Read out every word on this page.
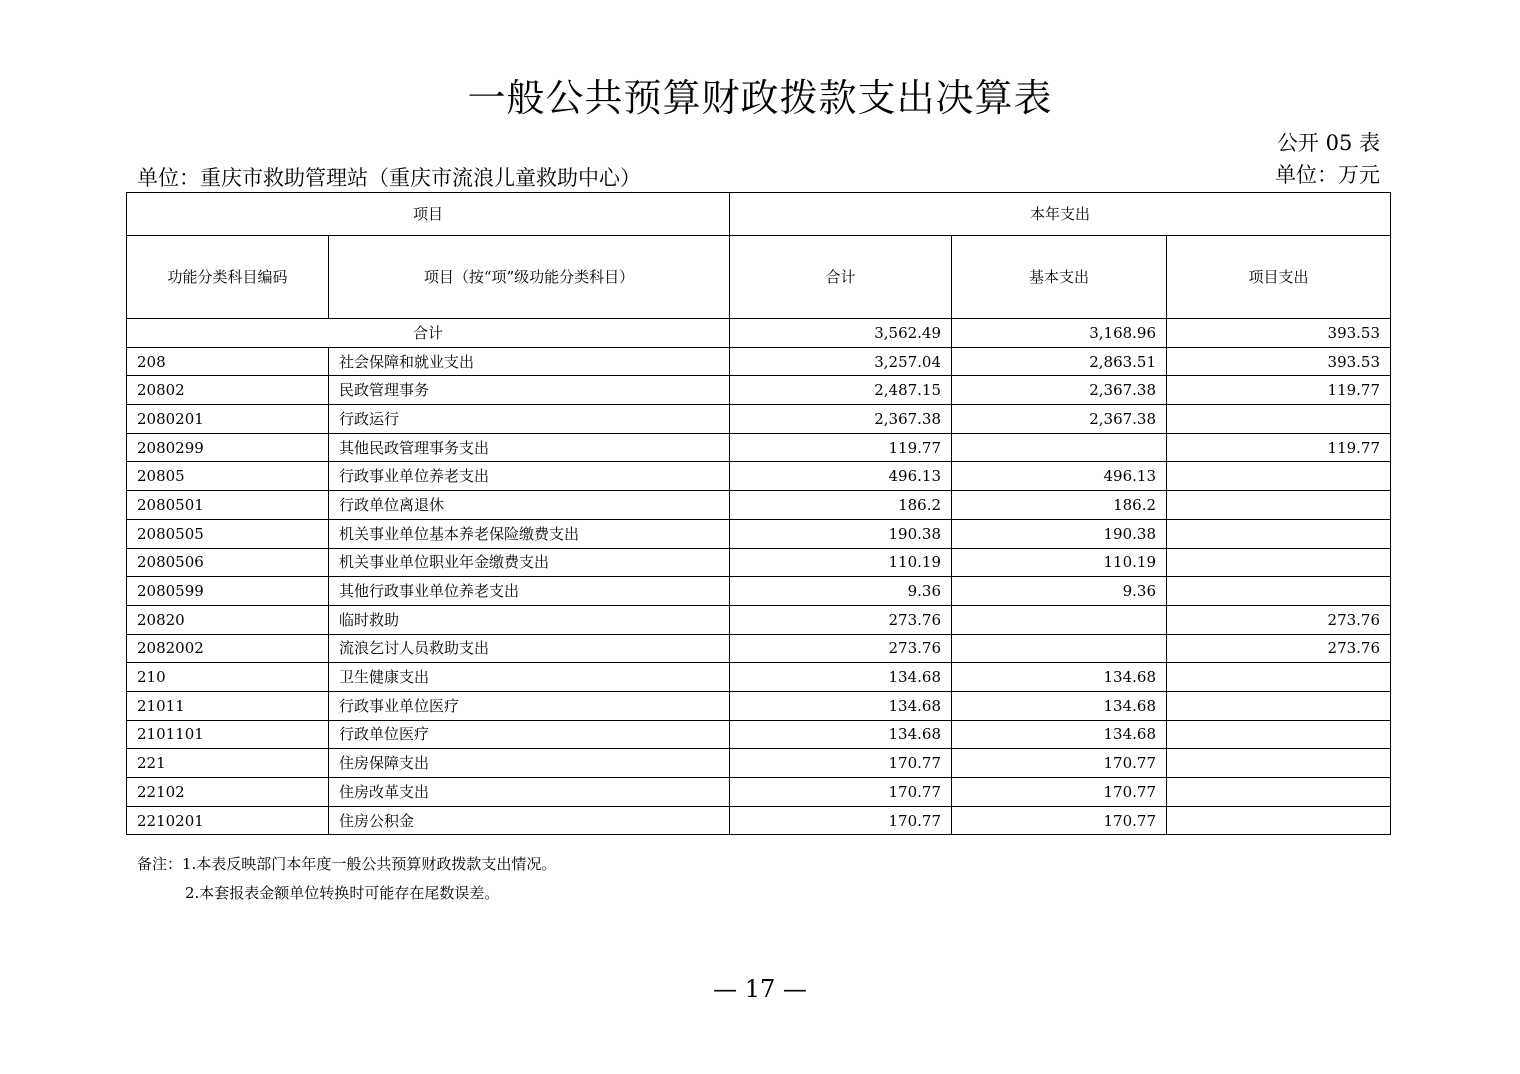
一般公共预算财政拨款支出决算表
公开 05 表
单位：重庆市救助管理站（重庆市流浪儿童救助中心）	单位：万元
项目		本年支出		
功能分类科目编码	项目（按“项”级功能分类科目）	合计	基本支出	项目支出
合计		3,562.49	3,168.96	393.53
208	社会保障和就业支出	3,257.04	2,863.51	393.53
20802	民政管理事务	2,487.15	2,367.38	119.77
2080201	行政运行	2,367.38	2,367.38	
2080299	其他民政管理事务支出	119.77		119.77
20805	行政事业单位养老支出	496.13	496.13	
2080501	行政单位离退休	186.2	186.2	
2080505	机关事业单位基本养老保险缴费支出	190.38	190.38	
2080506	机关事业单位职业年金缴费支出	110.19	110.19	
2080599	其他行政事业单位养老支出	9.36	9.36	
20820	临时救助	273.76		273.76
2082002	流浪乞讨人员救助支出	273.76		273.76
210	卫生健康支出	134.68	134.68	
21011	行政事业单位医疗	134.68	134.68	
2101101	行政单位医疗	134.68	134.68	
221	住房保障支出	170.77	170.77	
22102	住房改革支出	170.77	170.77	
2210201	住房公积金	170.77	170.77	
备注：1.本表反映部门本年度一般公共预算财政拨款支出情况。
2.本套报表金额单位转换时可能存在尾数误差。
— 17 —
